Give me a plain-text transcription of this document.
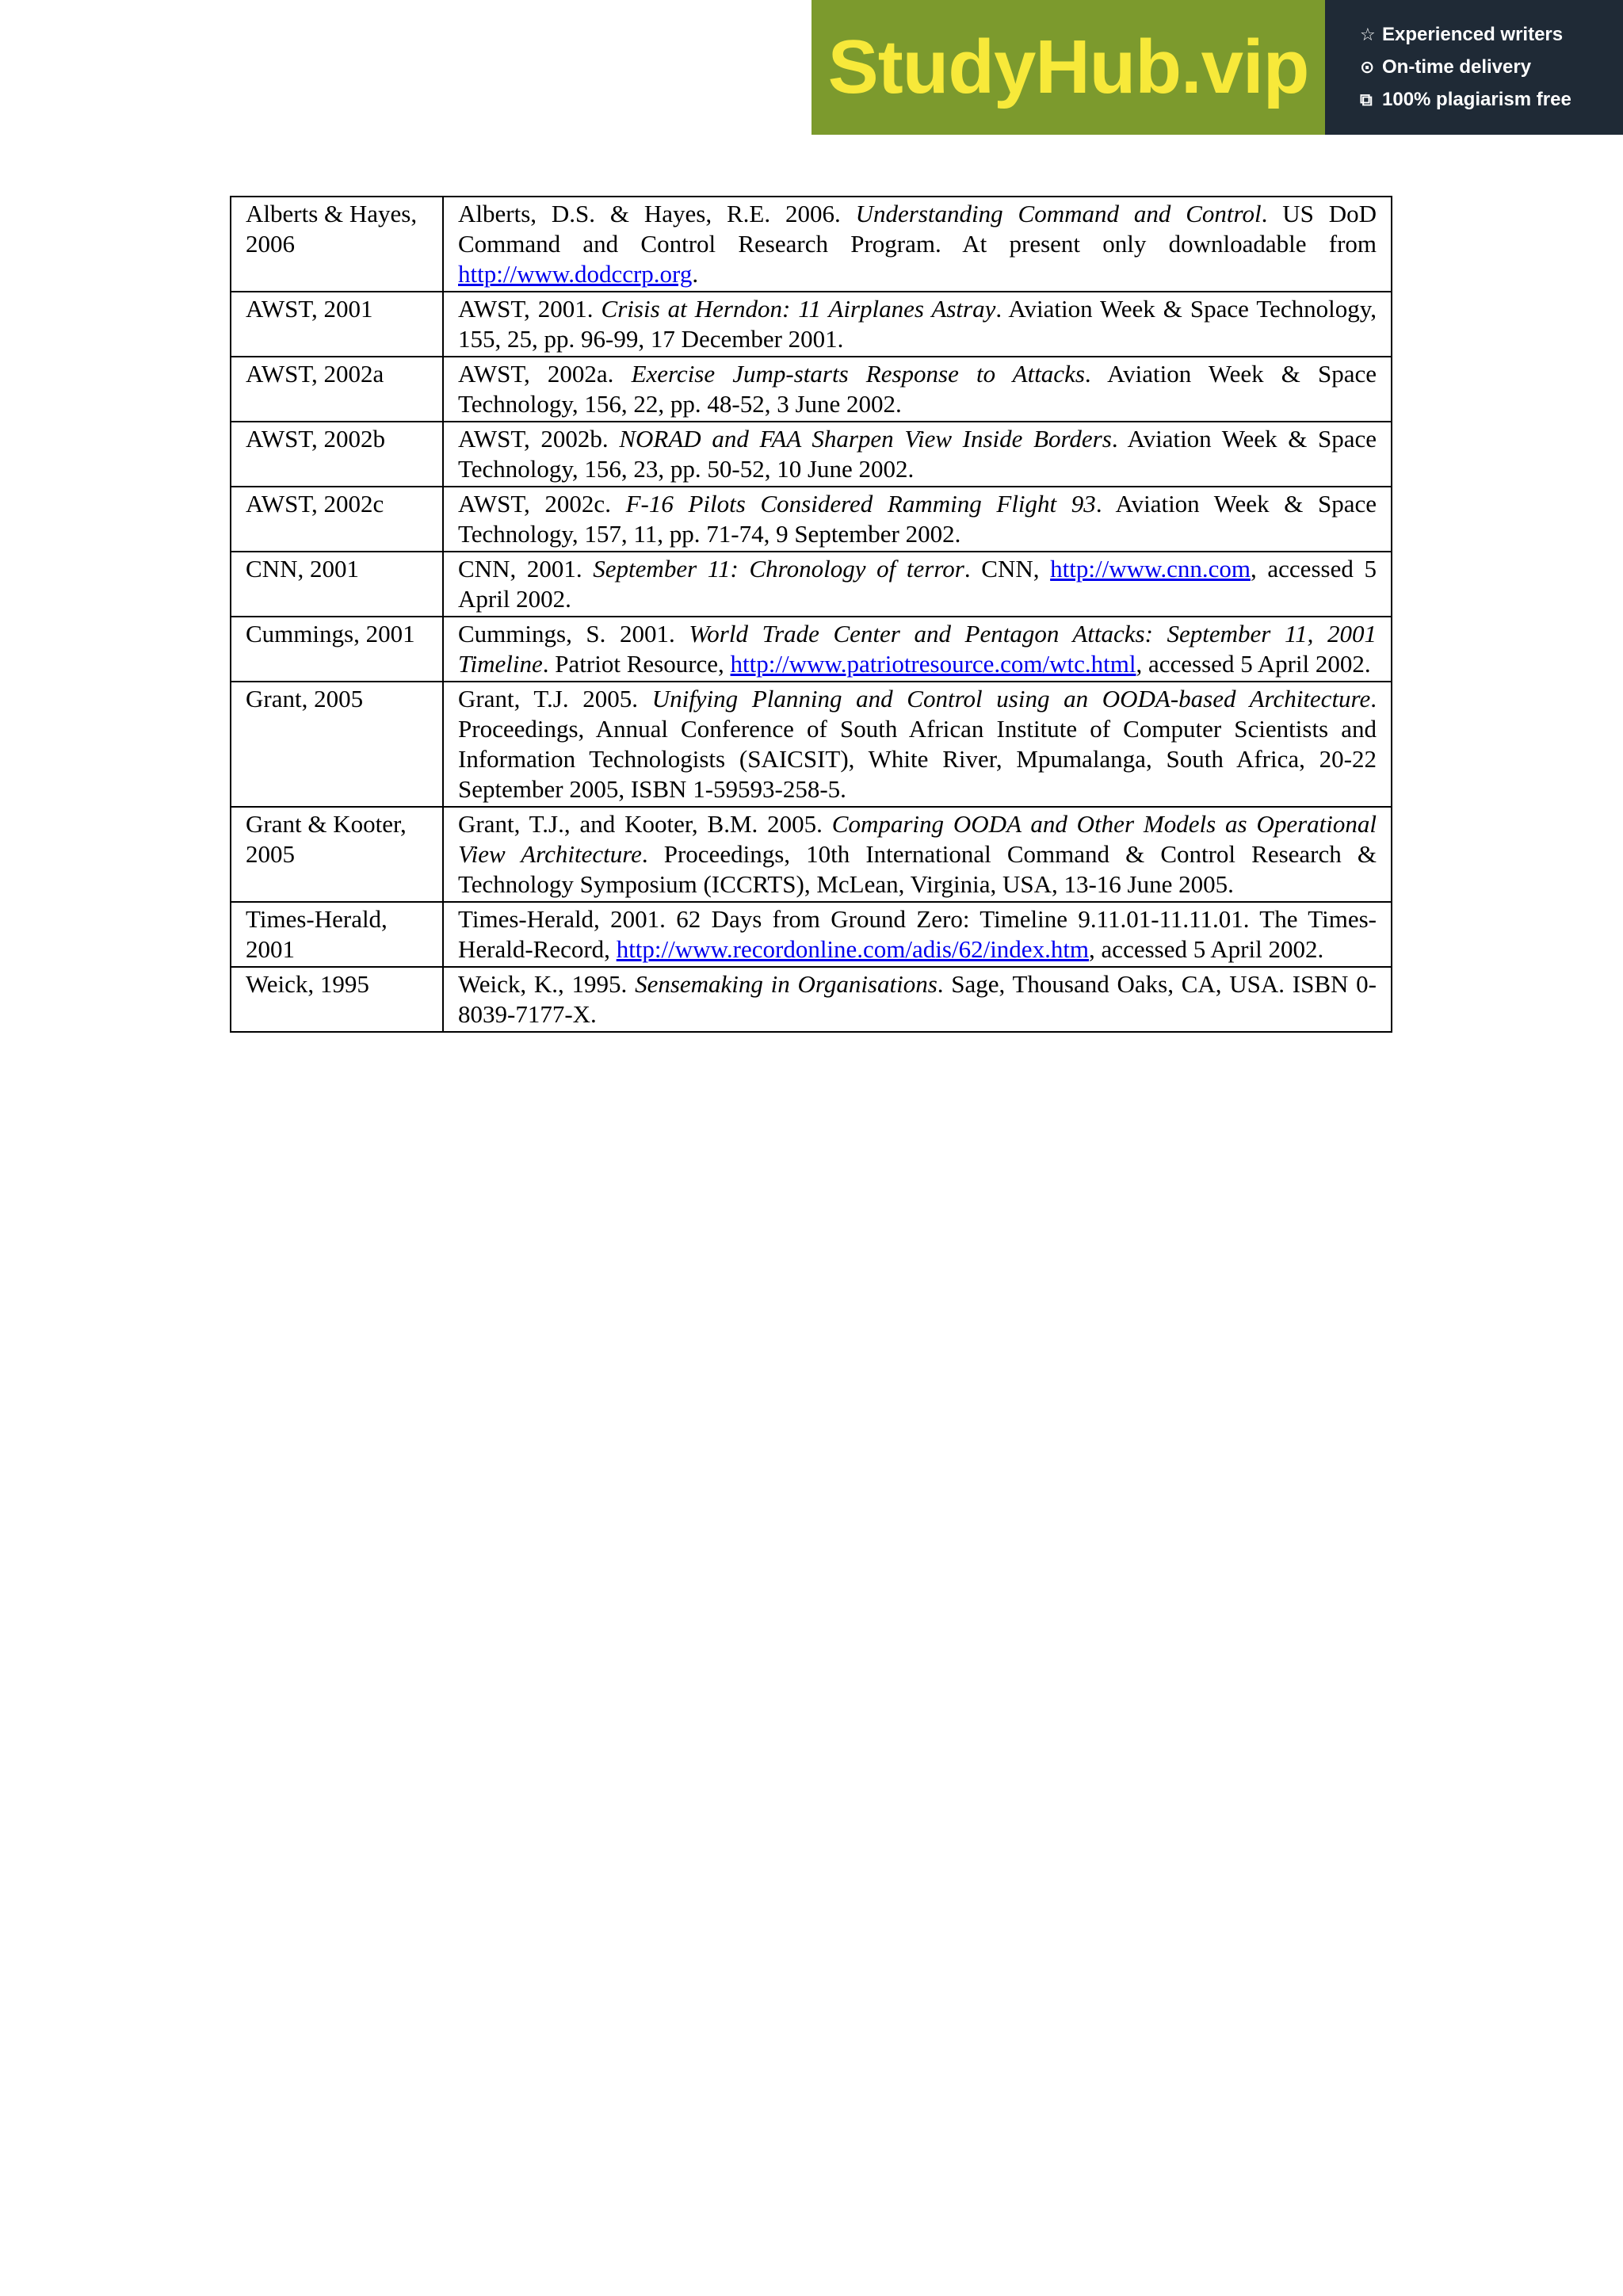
StudyHub.vip	☆ Experienced writers
⊙ On-time delivery
⧉ 100% plagiarism free
Alberts & Hayes, 2006	Alberts, D.S. & Hayes, R.E. 2006. Understanding Command and Control. US DoD Command and Control Research Program. At present only downloadable from http://www.dodccrp.org.
AWST, 2001	AWST, 2001. Crisis at Herndon: 11 Airplanes Astray. Aviation Week & Space Technology, 155, 25, pp. 96-99, 17 December 2001.
AWST, 2002a	AWST, 2002a. Exercise Jump-starts Response to Attacks. Aviation Week & Space Technology, 156, 22, pp. 48-52, 3 June 2002.
AWST, 2002b	AWST, 2002b. NORAD and FAA Sharpen View Inside Borders. Aviation Week & Space Technology, 156, 23, pp. 50-52, 10 June 2002.
AWST, 2002c	AWST, 2002c. F-16 Pilots Considered Ramming Flight 93. Aviation Week & Space Technology, 157, 11, pp. 71-74, 9 September 2002.
CNN, 2001	CNN, 2001. September 11: Chronology of terror. CNN, http://www.cnn.com, accessed 5 April 2002.
Cummings, 2001	Cummings, S. 2001. World Trade Center and Pentagon Attacks: September 11, 2001 Timeline. Patriot Resource, http://www.patriotresource.com/wtc.html, accessed 5 April 2002.
Grant, 2005	Grant, T.J. 2005. Unifying Planning and Control using an OODA-based Architecture. Proceedings, Annual Conference of South African Institute of Computer Scientists and Information Technologists (SAICSIT), White River, Mpumalanga, South Africa, 20-22 September 2005, ISBN 1-59593-258-5.
Grant & Kooter, 2005	Grant, T.J., and Kooter, B.M. 2005. Comparing OODA and Other Models as Operational View Architecture. Proceedings, 10th International Command & Control Research & Technology Symposium (ICCRTS), McLean, Virginia, USA, 13-16 June 2005.
Times-Herald, 2001	Times-Herald, 2001. 62 Days from Ground Zero: Timeline 9.11.01-11.11.01. The Times-Herald-Record, http://www.recordonline.com/adis/62/index.htm, accessed 5 April 2002.
Weick, 1995	Weick, K., 1995. Sensemaking in Organisations. Sage, Thousand Oaks, CA, USA. ISBN 0-8039-7177-X.
